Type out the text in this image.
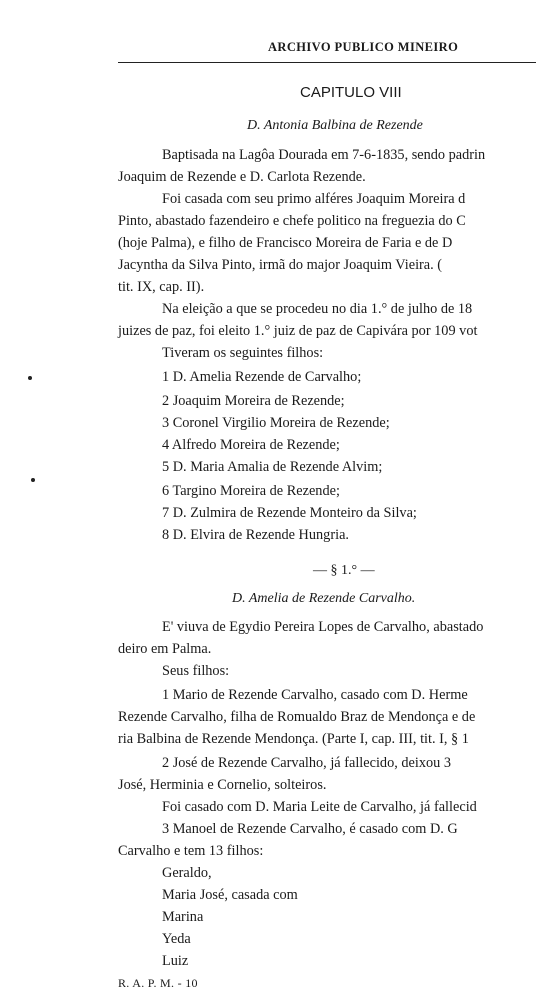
ARCHIVO PUBLICO MINEIRO
CAPITULO VIII
D. Antonia Balbina de Rezende
Baptisada na Lagôa Dourada em 7-6-1835, sendo padrin
Joaquim de Rezende e D. Carlota Rezende.
Foi casada com seu primo alféres Joaquim Moreira d
Pinto, abastado fazendeiro e chefe politico na freguezia do C
(hoje Palma), e filho de Francisco Moreira de Faria e de D
Jacyntha da Silva Pinto, irmã do major Joaquim Vieira. (
tit. IX, cap. II).
Na eleição a que se procedeu no dia 1.° de julho de 18
juizes de paz, foi eleito 1.° juiz de paz de Capivára por 109 vot
Tiveram os seguintes filhos:
1 D. Amelia Rezende de Carvalho;
2 Joaquim Moreira de Rezende;
3 Coronel Virgilio Moreira de Rezende;
4 Alfredo Moreira de Rezende;
5 D. Maria Amalia de Rezende Alvim;
6 Targino Moreira de Rezende;
7 D. Zulmira de Rezende Monteiro da Silva;
8 D. Elvira de Rezende Hungria.
— § 1.° —
D. Amelia de Rezende Carvalho.
E' viuva de Egydio Pereira Lopes de Carvalho, abastado
deiro em Palma.
Seus filhos:
1 Mario de Rezende Carvalho, casado com D. Herme
Rezende Carvalho, filha de Romualdo Braz de Mendonça e de
ria Balbina de Rezende Mendonça. (Parte I, cap. III, tit. I, § 1
2 José de Rezende Carvalho, já fallecido, deixou 3
José, Herminia e Cornelio, solteiros.
Foi casado com D. Maria Leite de Carvalho, já fallecid
3 Manoel de Rezende Carvalho, é casado com D. G
Carvalho e tem 13 filhos:
Geraldo,
Maria José, casada com
Marina
Yeda
Luiz
R. A. P. M. - 10
